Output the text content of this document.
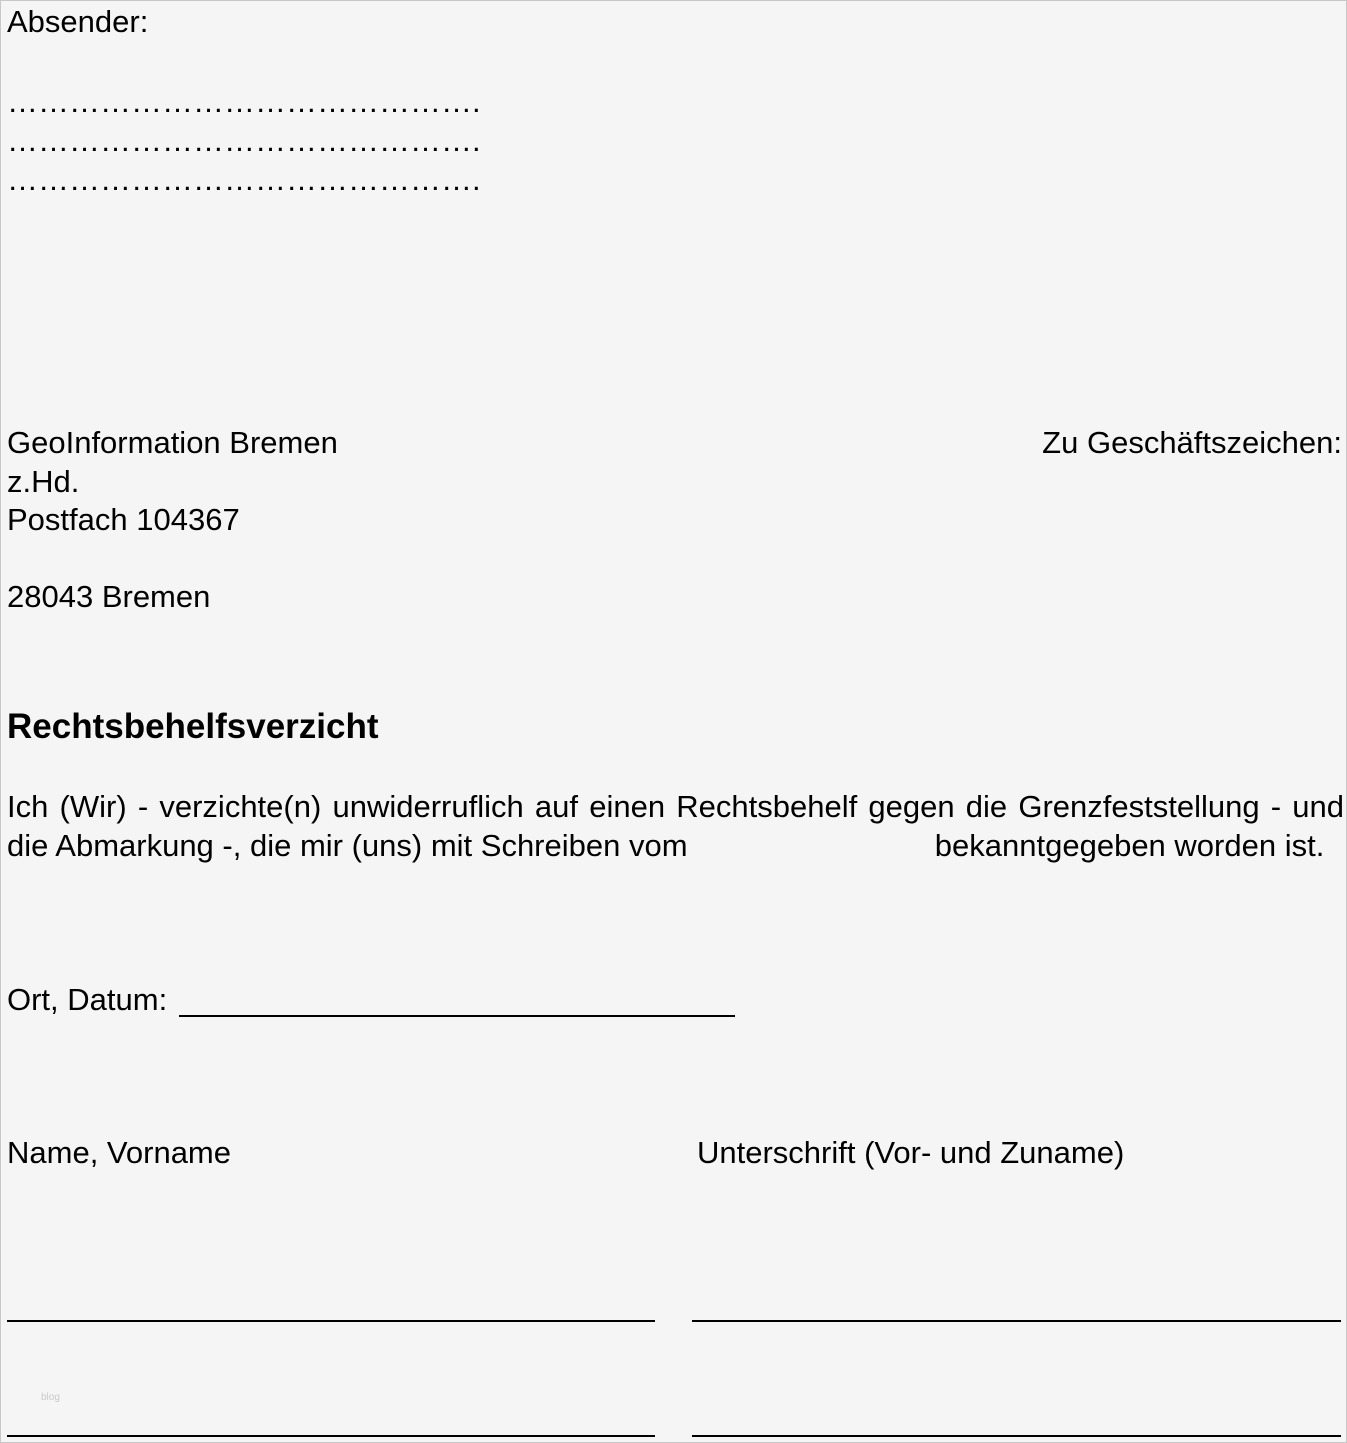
Absender:
……………………………………….
……………………………………….
……………………………………….
GeoInformation Bremen	Zu Geschäftszeichen:
z.Hd.
Postfach 104367
28043 Bremen
Rechtsbehelfsverzicht
Ich (Wir) - verzichte(n) unwiderruflich auf einen Rechtsbehelf gegen die Grenzfeststellung - und die Abmarkung -, die mir (uns) mit Schreiben vom	bekanntgegeben worden ist.
Ort, Datum:
Name, Vorname	Unterschrift (Vor- und Zuname)
blog
